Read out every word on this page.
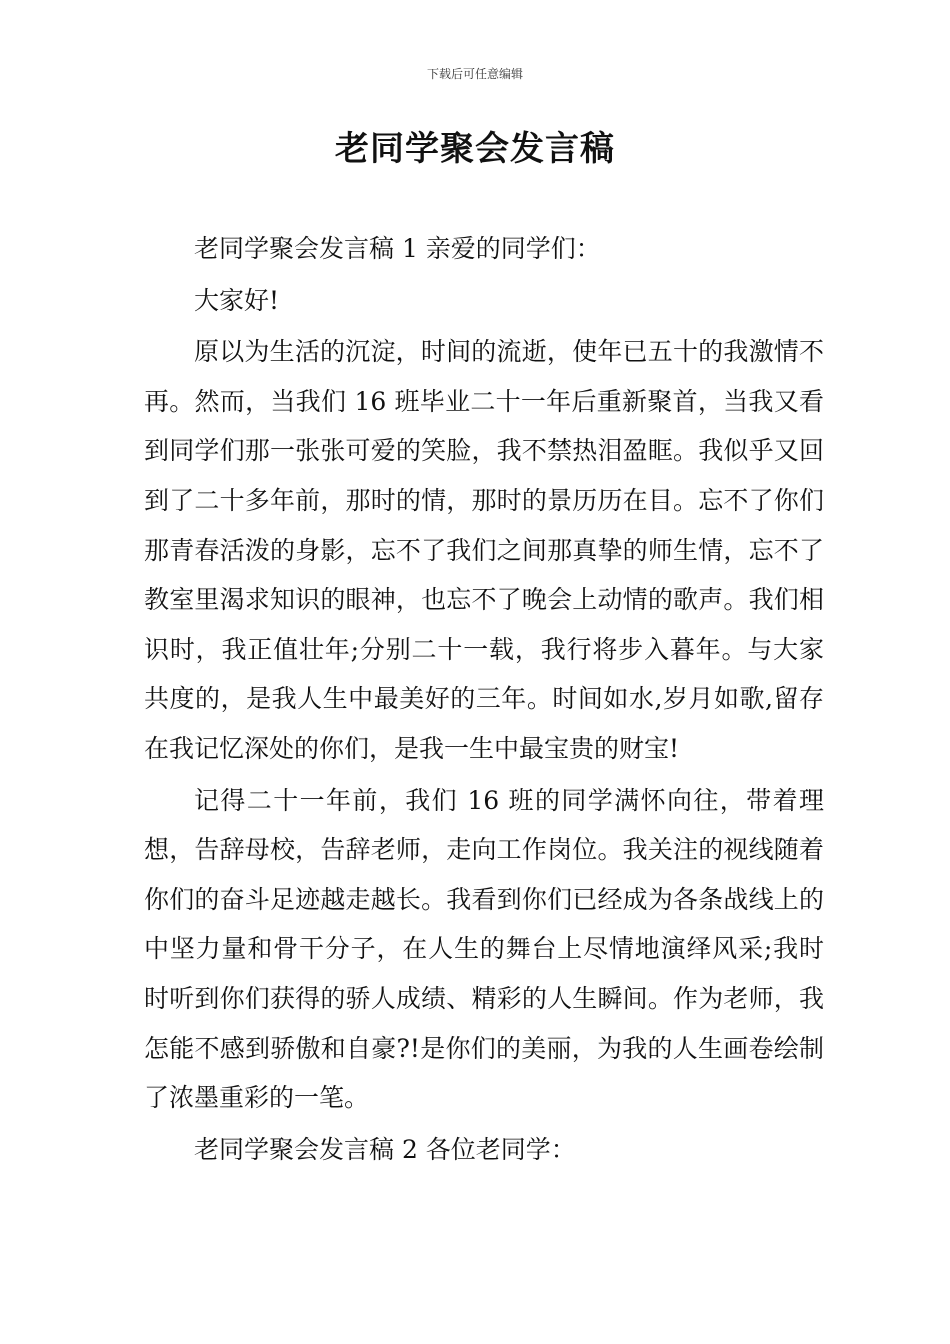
下载后可任意编辑
老同学聚会发言稿

老同学聚会发言稿 1 亲爱的同学们：

大家好!

原以为生活的沉淀，时间的流逝，使年已五十的我激情不再。然而，当我们 16 班毕业二十一年后重新聚首，当我又看到同学们那一张张可爱的笑脸，我不禁热泪盈眶。我似乎又回到了二十多年前，那时的情，那时的景历历在目。忘不了你们那青春活泼的身影，忘不了我们之间那真挚的师生情，忘不了教室里渴求知识的眼神，也忘不了晚会上动情的歌声。我们相识时，我正值壮年;分别二十一载，我行将步入暮年。与大家共度的，是我人生中最美好的三年。时间如水,岁月如歌,留存在我记忆深处的你们，是我一生中最宝贵的财宝!

记得二十一年前，我们 16 班的同学满怀向往，带着理想，告辞母校，告辞老师，走向工作岗位。我关注的视线随着你们的奋斗足迹越走越长。我看到你们已经成为各条战线上的中坚力量和骨干分子，在人生的舞台上尽情地演绎风采;我时时听到你们获得的骄人成绩、精彩的人生瞬间。作为老师，我怎能不感到骄傲和自豪?!是你们的美丽，为我的人生画卷绘制了浓墨重彩的一笔。

老同学聚会发言稿 2 各位老同学：
